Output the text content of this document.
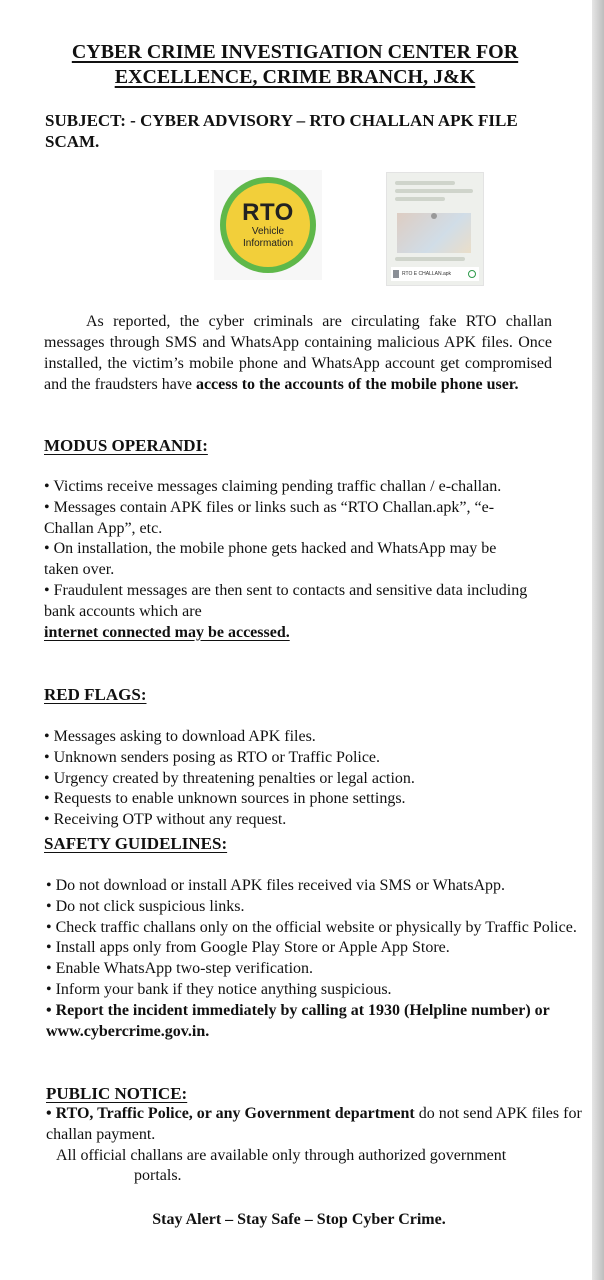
CYBER CRIME INVESTIGATION CENTER FOR
EXCELLENCE, CRIME BRANCH, J&K
SUBJECT: - CYBER ADVISORY – RTO CHALLAN APK FILE SCAM.
RTO
Vehicle
Information
RTO E CHALLAN.apk
As reported, the cyber criminals are circulating fake RTO challan messages through SMS and WhatsApp containing malicious APK files. Once installed, the victim’s mobile phone and WhatsApp account get compromised and the fraudsters have access to the accounts of the mobile phone user.
MODUS OPERANDI:

• Victims receive messages claiming pending traffic challan / e-challan.

• Messages contain APK files or links such as “RTO Challan.apk”, “e-Challan App”, etc.

• On installation, the mobile phone gets hacked and WhatsApp may be taken over.

• Fraudulent messages are then sent to contacts and sensitive data including bank accounts which are

internet connected may be accessed.

RED FLAGS:

• Messages asking to download APK files.

• Unknown senders posing as RTO or Traffic Police.

• Urgency created by threatening penalties or legal action.

• Requests to enable unknown sources in phone settings.

• Receiving OTP without any request.

SAFETY GUIDELINES:

• Do not download or install APK files received via SMS or WhatsApp.

• Do not click suspicious links.

• Check traffic challans only on the official website or physically by Traffic Police.

• Install apps only from Google Play Store or Apple App Store.

• Enable WhatsApp two-step verification.

• Inform your bank if they notice anything suspicious.

• Report the incident immediately by calling at 1930 (Helpline number) or www.cybercrime.gov.in.

PUBLIC NOTICE:

• RTO, Traffic Police, or any Government department do not send APK files for challan payment.

All official challans are available only through authorized government

portals.

Stay Alert – Stay Safe – Stop Cyber Crime.
